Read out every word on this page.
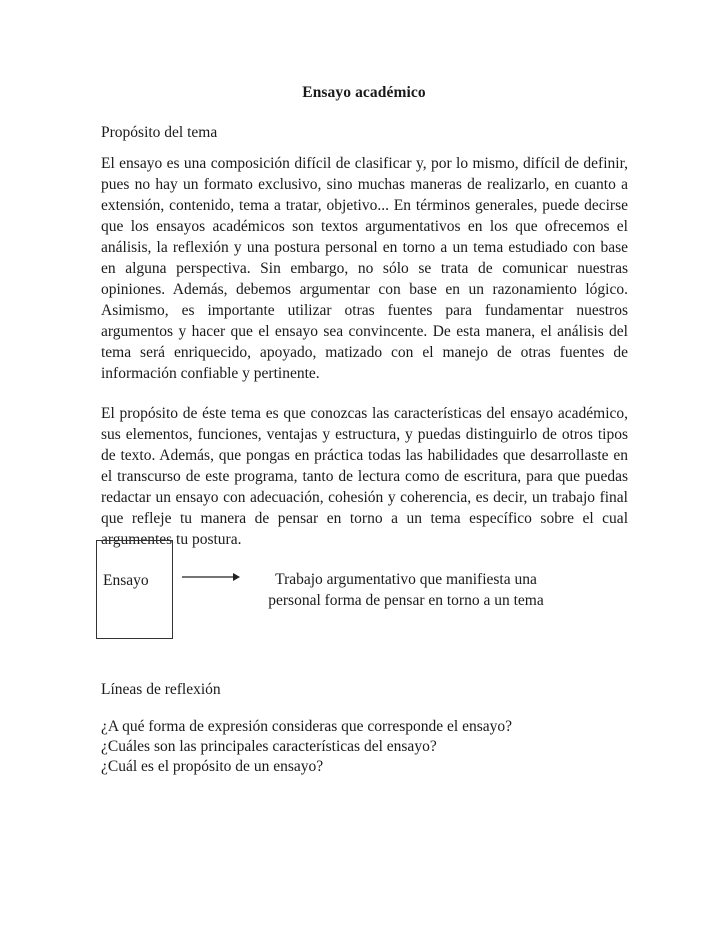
Ensayo académico
Propósito del tema

El ensayo es una composición difícil de clasificar y, por lo mismo, difícil de definir, pues no hay un formato exclusivo, sino muchas maneras de realizarlo, en cuanto a extensión, contenido, tema a tratar, objetivo... En términos generales, puede decirse que los ensayos académicos son textos argumentativos en los que ofrecemos el análisis, la reflexión y una postura personal en torno a un tema estudiado con base en alguna perspectiva. Sin embargo, no sólo se trata de comunicar nuestras opiniones. Además, debemos argumentar con base en un razonamiento lógico. Asimismo, es importante utilizar otras fuentes para fundamentar nuestros argumentos y hacer que el ensayo sea convincente. De esta manera, el análisis del tema será enriquecido, apoyado, matizado con el manejo de otras fuentes de información confiable y pertinente.

El propósito de éste tema es que conozcas las características del ensayo académico, sus elementos, funciones, ventajas y estructura, y puedas distinguirlo de otros tipos de texto. Además, que pongas en práctica todas las habilidades que desarrollaste en el transcurso de este programa, tanto de lectura como de escritura, para que puedas redactar un ensayo con adecuación, cohesión y coherencia, es decir, un trabajo final que refleje tu manera de pensar en torno a un tema específico sobre el cual argumentes tu postura.

Ensayo	Trabajo argumentativo que manifiesta una
personal forma de pensar en torno a un tema
Líneas de reflexión
¿A qué forma de expresión consideras que corresponde el ensayo?
¿Cuáles son las principales características del ensayo?
¿Cuál es el propósito de un ensayo?
